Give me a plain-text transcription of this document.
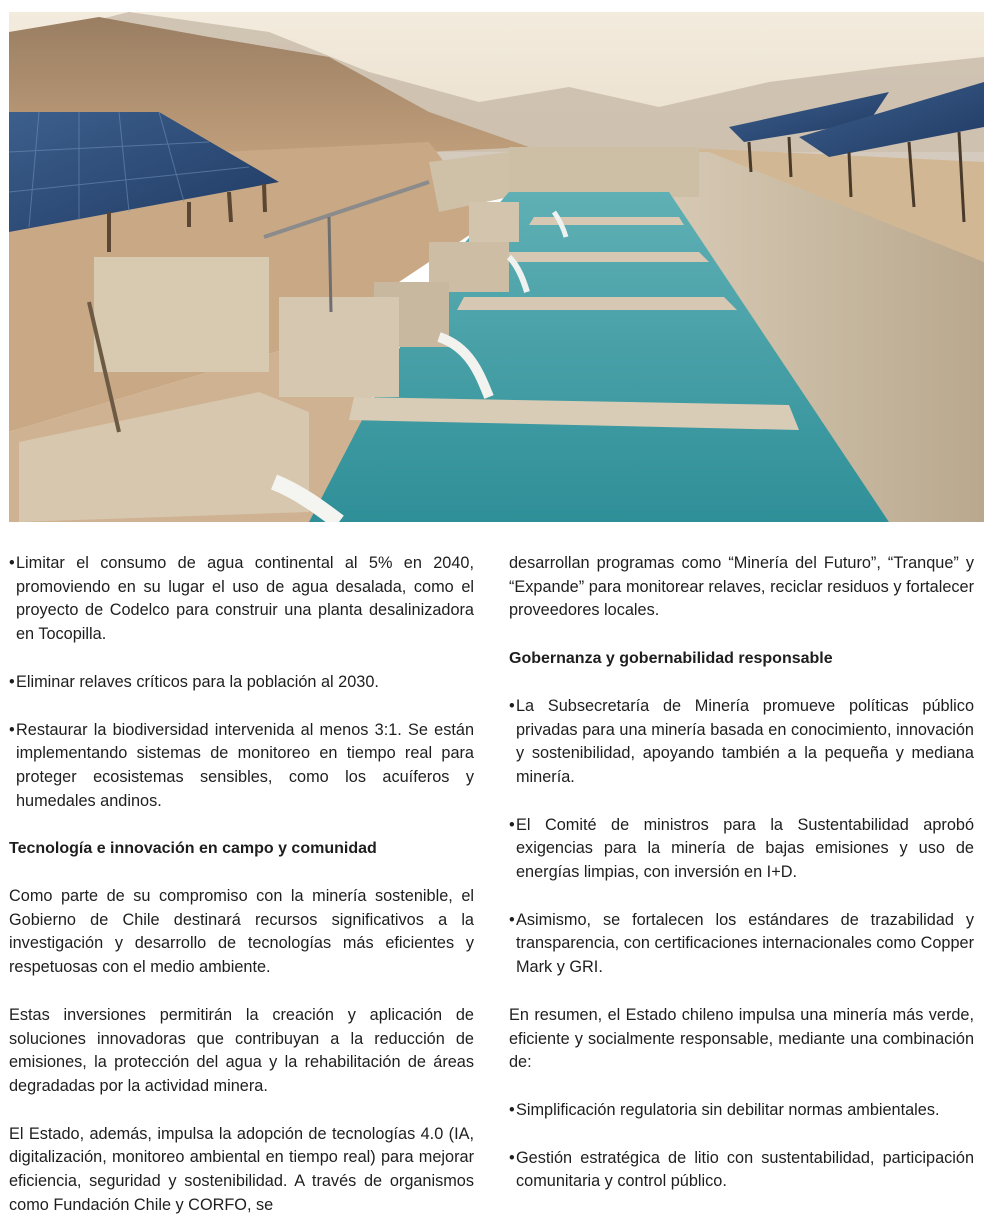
• Limitar el consumo de agua continental al 5% en 2040, promoviendo en su lugar el uso de agua desalada, como el proyecto de Codelco para construir una planta desalinizadora en Tocopilla.
• Eliminar relaves críticos para la población al 2030.
• Restaurar la biodiversidad intervenida al menos 3:1. Se están implementando sistemas de monitoreo en tiempo real para proteger ecosistemas sensibles, como los acuíferos y humedales andinos.
Tecnología e innovación en campo y comunidad

Como parte de su compromiso con la minería sostenible, el Gobierno de Chile destinará recursos significativos a la investigación y desarrollo de tecnologías más eficientes y respetuosas con el medio ambiente.

Estas inversiones permitirán la creación y aplicación de soluciones innovadoras que contribuyan a la reducción de emisiones, la protección del agua y la rehabilitación de áreas degradadas por la actividad minera.

El Estado, además, impulsa la adopción de tecnologías 4.0 (IA, digitalización, monitoreo ambiental en tiempo real) para mejorar eficiencia, seguridad y sostenibilidad. A través de organismos como Fundación Chile y CORFO, se

desarrollan programas como “Minería del Futuro”, “Tranque” y “Expande” para monitorear relaves, reciclar residuos y fortalecer proveedores locales.

Gobernanza y gobernabilidad responsable
• La Subsecretaría de Minería promueve políticas público privadas para una minería basada en conocimiento, innovación y sostenibilidad, apoyando también a la pequeña y mediana minería.
• El Comité de ministros para la Sustentabilidad aprobó exigencias para la minería de bajas emisiones y uso de energías limpias, con inversión en I+D.
• Asimismo, se fortalecen los estándares de trazabilidad y transparencia, con certificaciones internacionales como Copper Mark y GRI.

En resumen, el Estado chileno impulsa una minería más verde, eficiente y socialmente responsable, mediante una combinación de:

• Simplificación regulatoria sin debilitar normas ambientales.
• Gestión estratégica de litio con sustentabilidad, participación comunitaria y control público.
